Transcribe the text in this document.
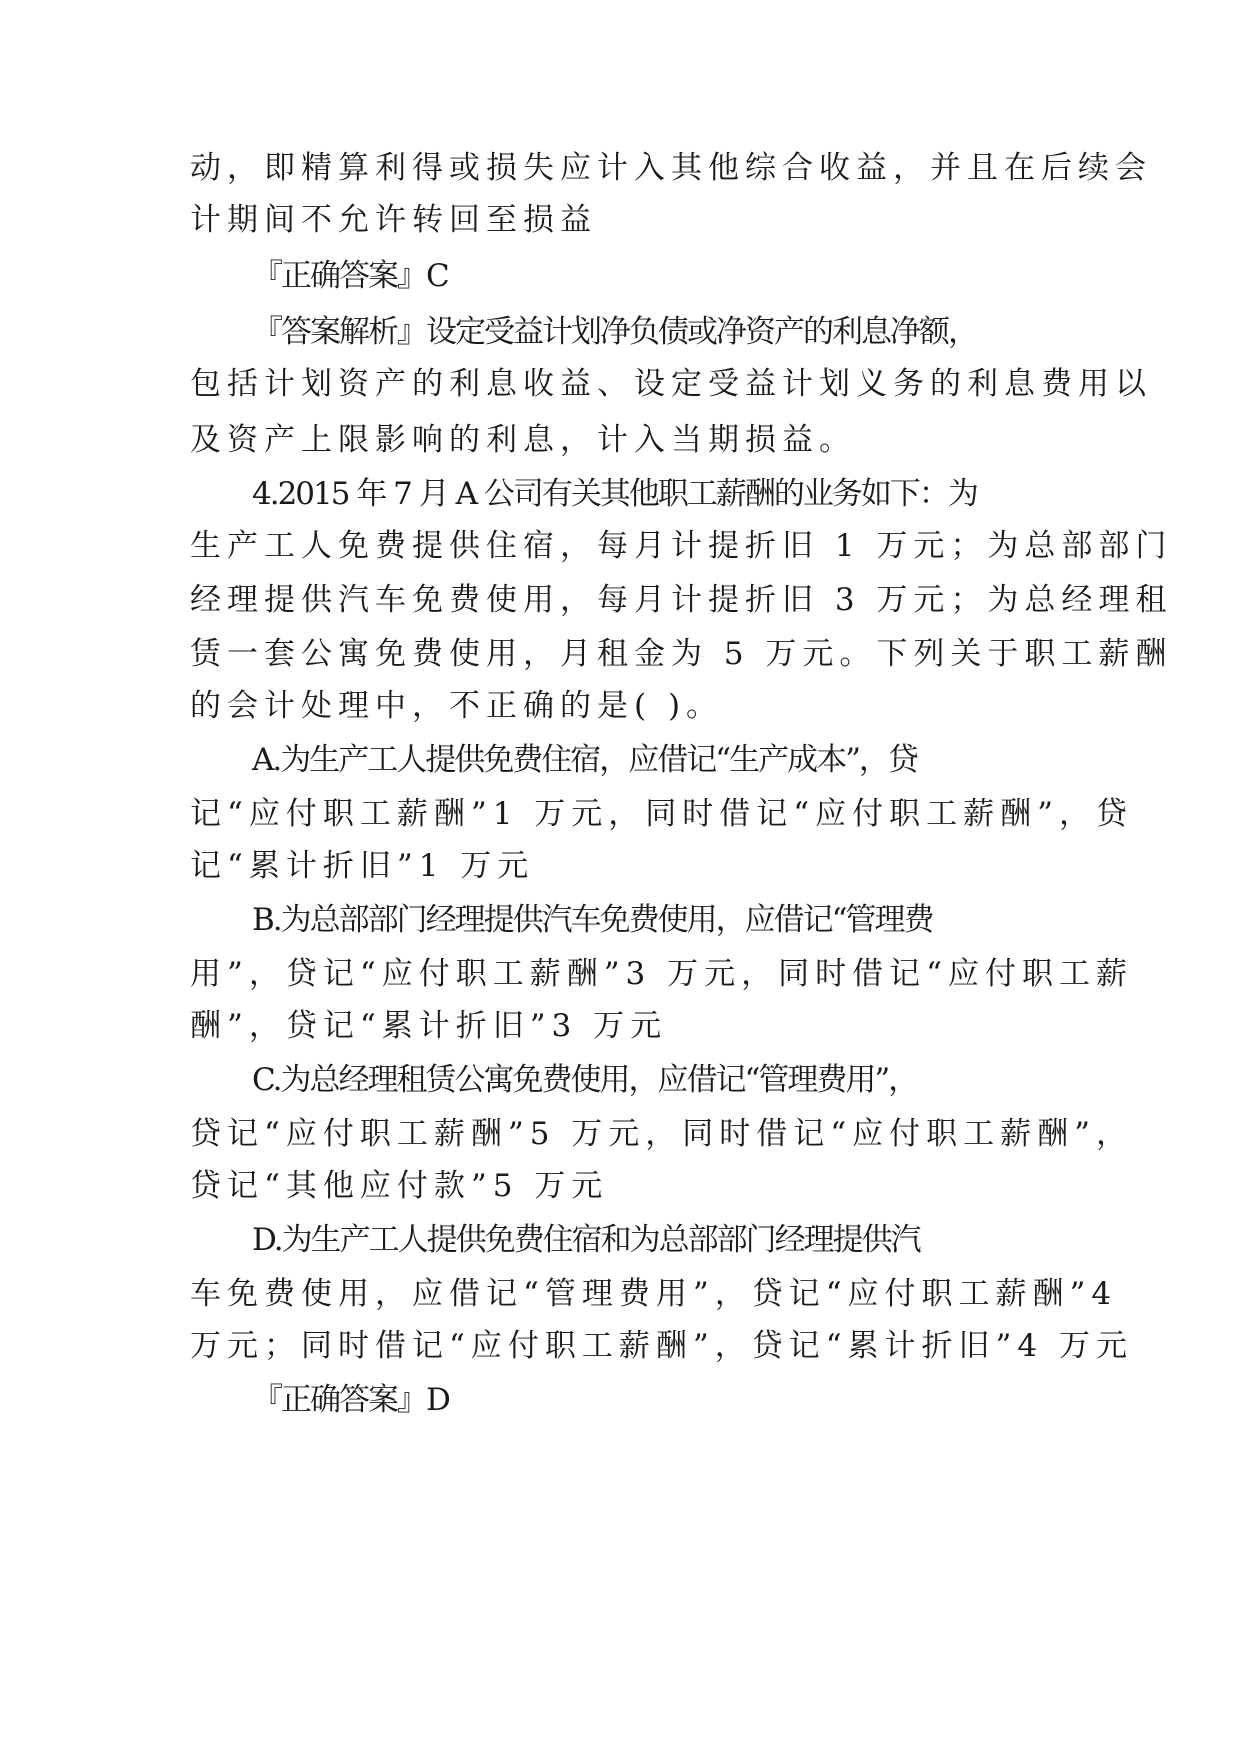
动，即精算利得或损失应计入其他综合收益，并且在后续会
计期间不允许转回至损益
『正确答案』C
『答案解析』设定受益计划净负债或净资产的利息净额，
包括计划资产的利息收益、设定受益计划义务的利息费用以
及资产上限影响的利息，计入当期损益。
4.2015 年 7 月 A 公司有关其他职工薪酬的业务如下：为
生产工人免费提供住宿，每月计提折旧 1 万元；为总部部门
经理提供汽车免费使用，每月计提折旧 3 万元；为总经理租
赁一套公寓免费使用，月租金为 5 万元。下列关于职工薪酬
的会计处理中，不正确的是( )。
A.为生产工人提供免费住宿，应借记“生产成本”，贷
记“应付职工薪酬”1 万元，同时借记“应付职工薪酬”，贷
记“累计折旧”1 万元
B.为总部部门经理提供汽车免费使用，应借记“管理费
用”，贷记“应付职工薪酬”3 万元，同时借记“应付职工薪
酬”，贷记“累计折旧”3 万元
C.为总经理租赁公寓免费使用，应借记“管理费用”，
贷记“应付职工薪酬”5 万元，同时借记“应付职工薪酬”，
贷记“其他应付款”5 万元
D.为生产工人提供免费住宿和为总部部门经理提供汽
车免费使用，应借记“管理费用”，贷记“应付职工薪酬”4
万元；同时借记“应付职工薪酬”，贷记“累计折旧”4 万元
『正确答案』D
